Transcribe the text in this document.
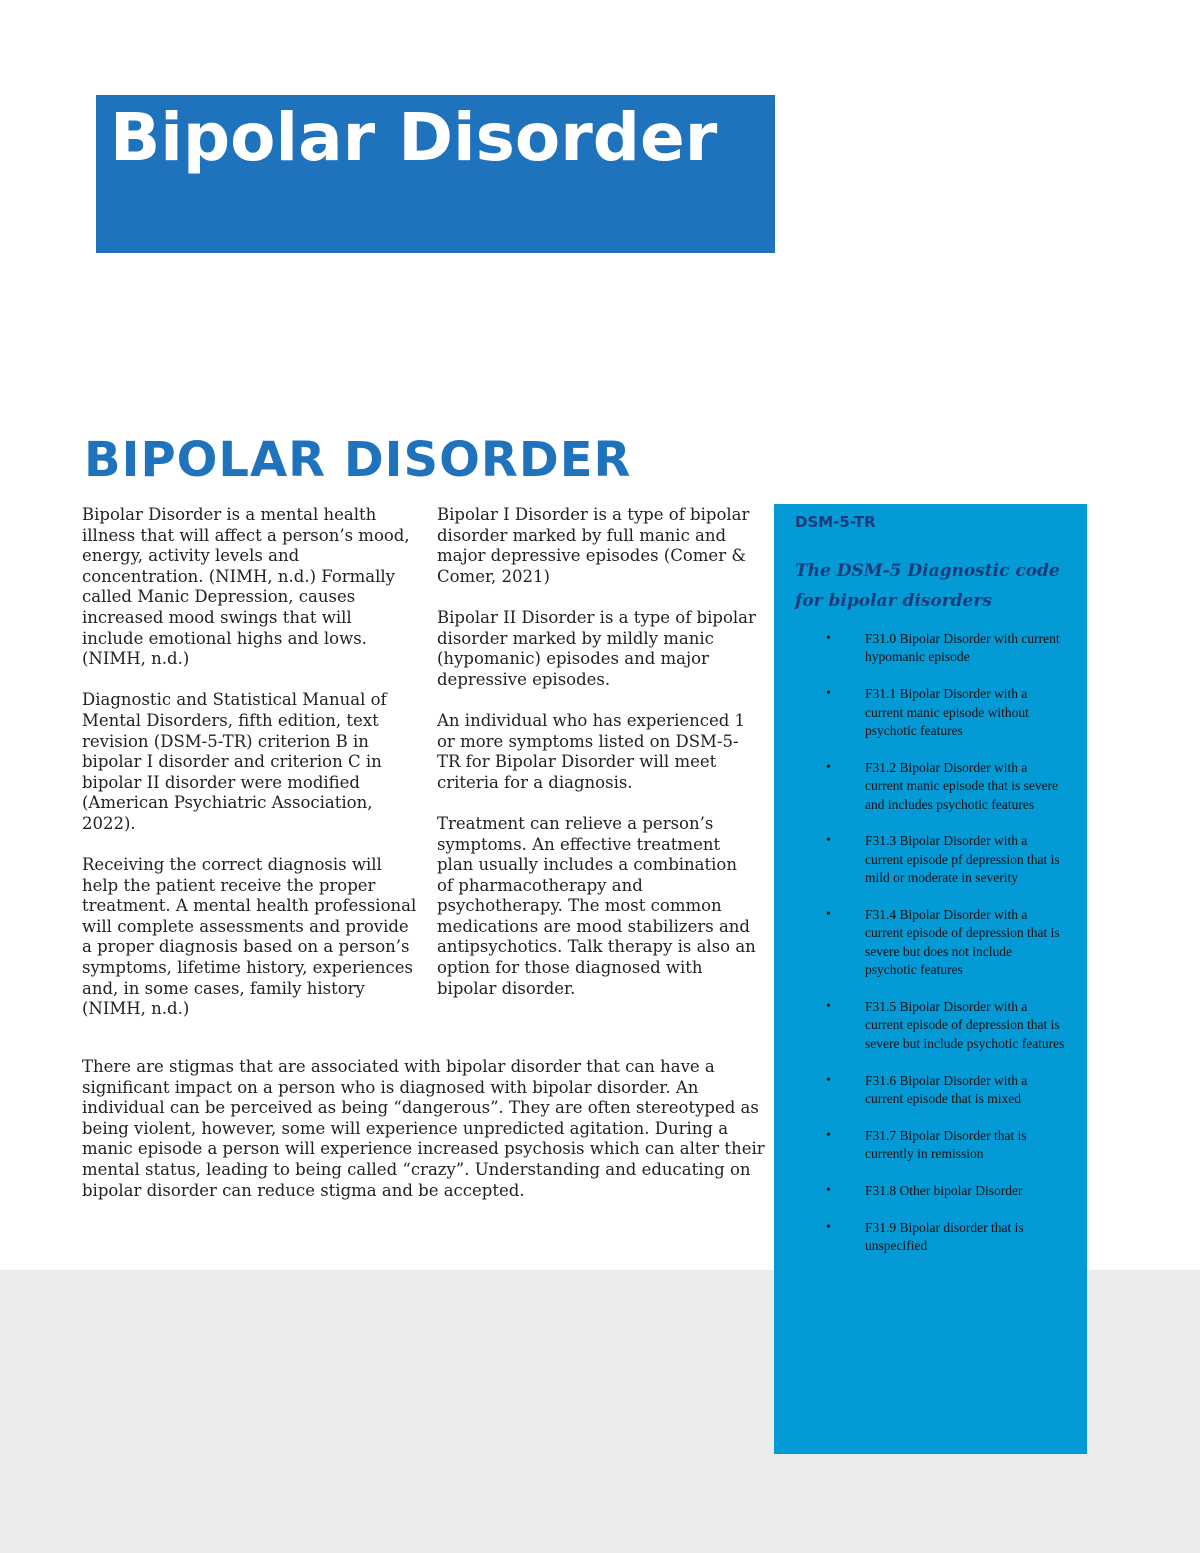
Bipolar Disorder
BIPOLAR DISORDER

Bipolar Disorder is a mental health illness that will affect a person’s mood, energy, activity levels and concentration. (NIMH, n.d.) Formally called Manic Depression, causes increased mood swings that will include emotional highs and lows. (NIMH, n.d.)

Diagnostic and Statistical Manual of Mental Disorders, fifth edition, text revision (DSM-5-TR) criterion B in bipolar I disorder and criterion C in bipolar II disorder were modified (American Psychiatric Association, 2022).

Receiving the correct diagnosis will help the patient receive the proper treatment. A mental health professional will complete assessments and provide a proper diagnosis based on a person’s symptoms, lifetime history, experiences and, in some cases, family history (NIMH, n.d.)

Bipolar I Disorder is a type of bipolar disorder marked by full manic and major depressive episodes (Comer & Comer, 2021)

Bipolar II Disorder is a type of bipolar disorder marked by mildly manic (hypomanic) episodes and major depressive episodes.

An individual who has experienced 1 or more symptoms listed on DSM-5-TR for Bipolar Disorder will meet criteria for a diagnosis.

Treatment can relieve a person’s symptoms. An effective treatment plan usually includes a combination of pharmacotherapy and psychotherapy. The most common medications are mood stabilizers and antipsychotics. Talk therapy is also an option for those diagnosed with bipolar disorder.

There are stigmas that are associated with bipolar disorder that can have a significant impact on a person who is diagnosed with bipolar disorder. An individual can be perceived as being “dangerous”. They are often stereotyped as being violent, however, some will experience unpredicted agitation. During a manic episode a person will experience increased psychosis which can alter their mental status, leading to being called “crazy”. Understanding and educating on bipolar disorder can reduce stigma and be accepted.

DSM-5-TR

The DSM-5 Diagnostic code for bipolar disorders

• F31.0 Bipolar Disorder with current hypomanic episode
• F31.1 Bipolar Disorder with a current manic episode without psychotic features
• F31.2 Bipolar Disorder with a current manic episode that is severe and includes psychotic features
• F31.3 Bipolar Disorder with a current episode pf depression that is mild or moderate in severity
• F31.4 Bipolar Disorder with a current episode of depression that is severe but does not include psychotic features
• F31.5 Bipolar Disorder with a current episode of depression that is severe but include psychotic features
• F31.6 Bipolar Disorder with a current episode that is mixed
• F31.7 Bipolar Disorder that is currently in remission
• F31.8 Other bipolar Disorder
• F31.9 Bipolar disorder that is unspecified
